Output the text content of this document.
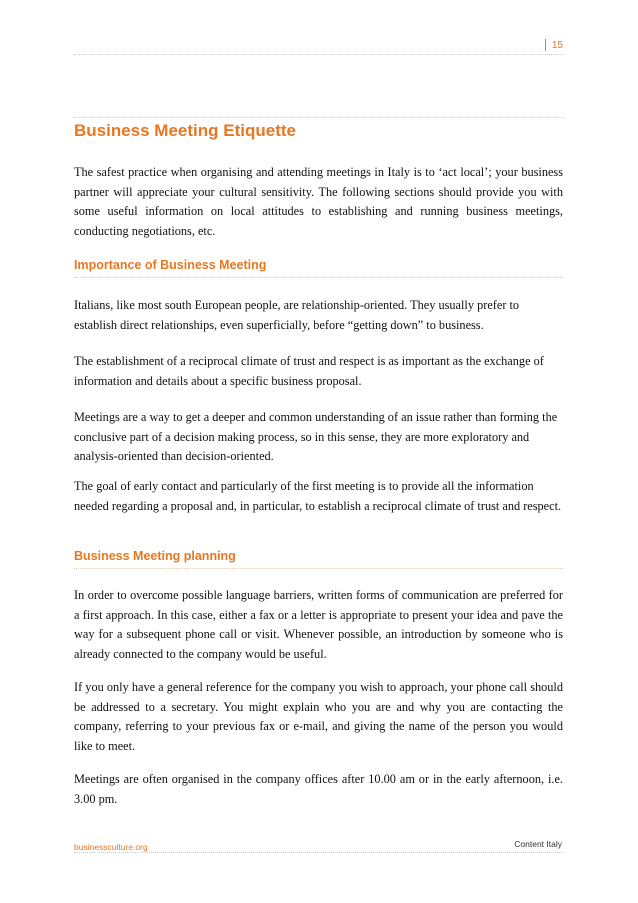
15
Business Meeting Etiquette

The safest practice when organising and attending meetings in Italy is to ‘act local’; your business partner will appreciate your cultural sensitivity. The following sections should provide you with some useful information on local attitudes to establishing and running business meetings, conducting negotiations, etc.

Importance of Business Meeting

Italians, like most south European people, are relationship-oriented. They usually prefer to establish direct relationships, even superficially, before “getting down” to business.

The establishment of a reciprocal climate of trust and respect is as important as the exchange of information and details about a specific business proposal.

Meetings are a way to get a deeper and common understanding of an issue rather than forming the conclusive part of a decision making process, so in this sense, they are more exploratory and analysis-oriented than decision-oriented.

The goal of early contact and particularly of the first meeting is to provide all the information needed regarding a proposal and, in particular, to establish a reciprocal climate of trust and respect.

Business Meeting planning

In order to overcome possible language barriers, written forms of communication are preferred for a first approach. In this case, either a fax or a letter is appropriate to present your idea and pave the way for a subsequent phone call or visit. Whenever possible, an introduction by someone who is already connected to the company would be useful.

If you only have a general reference for the company you wish to approach, your phone call should be addressed to a secretary. You might explain who you are and why you are contacting the company, referring to your previous fax or e-mail, and giving the name of the person you would like to meet.

Meetings are often organised in the company offices after 10.00 am or in the early afternoon, i.e. 3.00 pm.

businessculture.org	Content Italy
